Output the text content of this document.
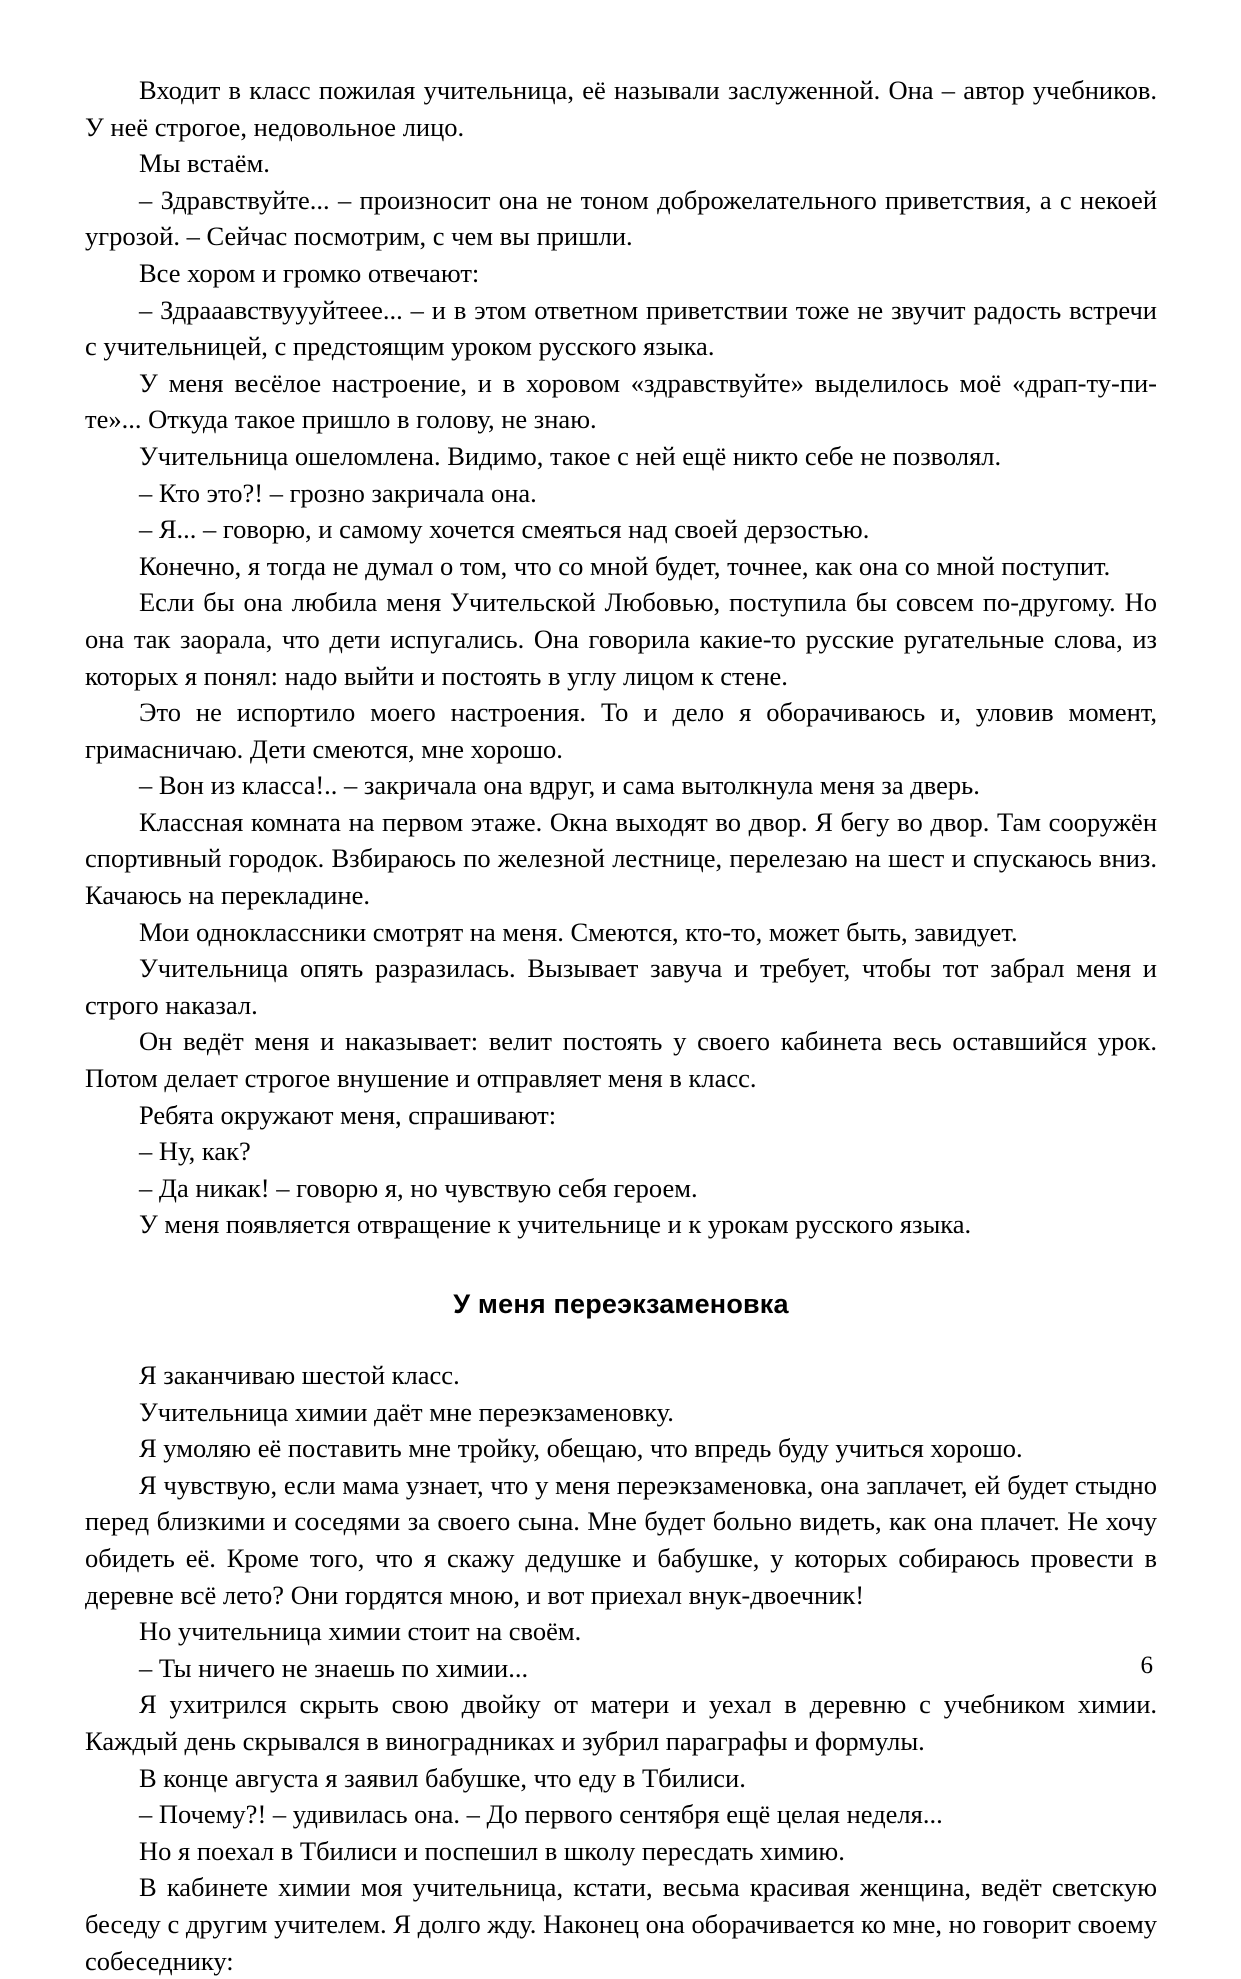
Входит в класс пожилая учительница, её называли заслуженной. Она – автор учебников. У неё строгое, недовольное лицо.

Мы встаём.

– Здравствуйте... – произносит она не тоном доброжелательного приветствия, а с некоей угрозой. – Сейчас посмотрим, с чем вы пришли.

Все хором и громко отвечают:

– Здрааавствуууйтеее... – и в этом ответном приветствии тоже не звучит радость встречи с учительницей, с предстоящим уроком русского языка.

У меня весёлое настроение, и в хоровом «здравствуйте» выделилось моё «драп-ту-пи-те»... Откуда такое пришло в голову, не знаю.

Учительница ошеломлена. Видимо, такое с ней ещё никто себе не позволял.

– Кто это?! – грозно закричала она.

– Я... – говорю, и самому хочется смеяться над своей дерзостью.

Конечно, я тогда не думал о том, что со мной будет, точнее, как она со мной поступит.

Если бы она любила меня Учительской Любовью, поступила бы совсем по-другому. Но она так заорала, что дети испугались. Она говорила какие-то русские ругательные слова, из которых я понял: надо выйти и постоять в углу лицом к стене.

Это не испортило моего настроения. То и дело я оборачиваюсь и, уловив момент, гримасничаю. Дети смеются, мне хорошо.

– Вон из класса!.. – закричала она вдруг, и сама вытолкнула меня за дверь.

Классная комната на первом этаже. Окна выходят во двор. Я бегу во двор. Там сооружён спортивный городок. Взбираюсь по железной лестнице, перелезаю на шест и спускаюсь вниз. Качаюсь на перекладине.

Мои одноклассники смотрят на меня. Смеются, кто-то, может быть, завидует.

Учительница опять разразилась. Вызывает завуча и требует, чтобы тот забрал меня и строго наказал.

Он ведёт меня и наказывает: велит постоять у своего кабинета весь оставшийся урок. Потом делает строгое внушение и отправляет меня в класс.

Ребята окружают меня, спрашивают:

– Ну, как?

– Да никак! – говорю я, но чувствую себя героем.

У меня появляется отвращение к учительнице и к урокам русского языка.

У меня переэкзаменовка

Я заканчиваю шестой класс.

Учительница химии даёт мне переэкзаменовку.

Я умоляю её поставить мне тройку, обещаю, что впредь буду учиться хорошо.

Я чувствую, если мама узнает, что у меня переэкзаменовка, она заплачет, ей будет стыдно перед близкими и соседями за своего сына. Мне будет больно видеть, как она плачет. Не хочу обидеть её. Кроме того, что я скажу дедушке и бабушке, у которых собираюсь провести в деревне всё лето? Они гордятся мною, и вот приехал внук-двоечник!

Но учительница химии стоит на своём.

– Ты ничего не знаешь по химии...

Я ухитрился скрыть свою двойку от матери и уехал в деревню с учебником химии. Каждый день скрывался в виноградниках и зубрил параграфы и формулы.

В конце августа я заявил бабушке, что еду в Тбилиси.

– Почему?! – удивилась она. – До первого сентября ещё целая неделя...

Но я поехал в Тбилиси и поспешил в школу пересдать химию.

В кабинете химии моя учительница, кстати, весьма красивая женщина, ведёт светскую беседу с другим учителем. Я долго жду. Наконец она оборачивается ко мне, но говорит своему собеседнику:

6
